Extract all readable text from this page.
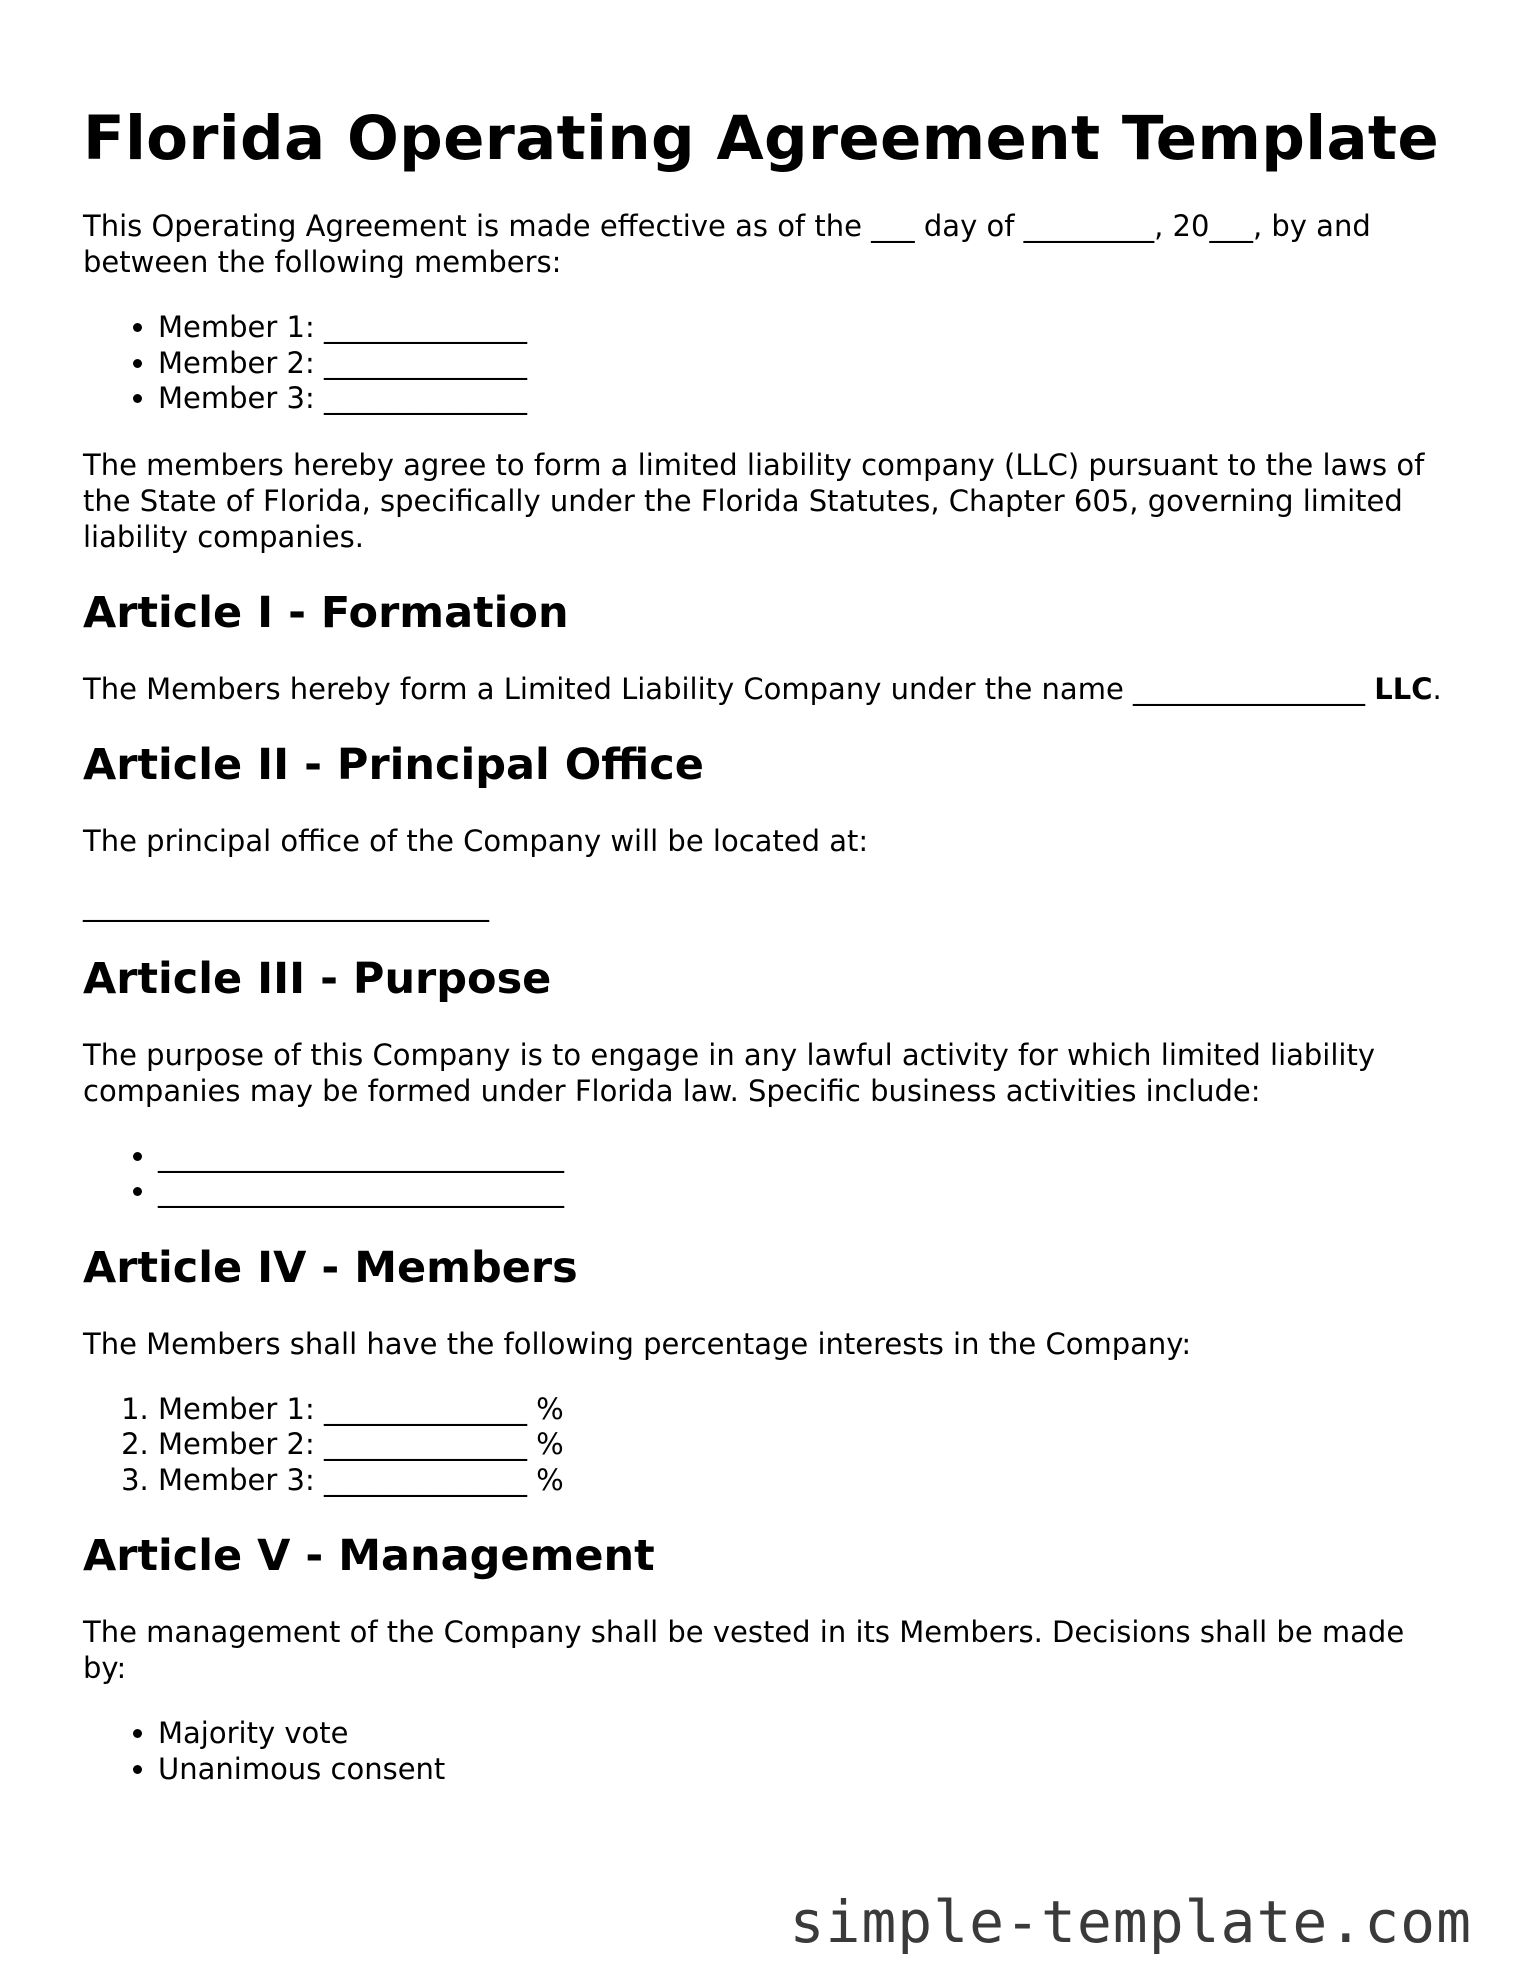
Florida Operating Agreement Template

This Operating Agreement is made effective as of the ___ day of _________, 20___, by and between the following members:

• Member 1: ______________
• Member 2: ______________
• Member 3: ______________

The members hereby agree to form a limited liability company (LLC) pursuant to the laws of the State of Florida, specifically under the Florida Statutes, Chapter 605, governing limited liability companies.

Article I - Formation

The Members hereby form a Limited Liability Company under the name ________________ LLC.

Article II - Principal Office

The principal office of the Company will be located at:

____________________________
Article III - Purpose

The purpose of this Company is to engage in any lawful activity for which limited liability companies may be formed under Florida law. Specific business activities include:

• ____________________________
• ____________________________
Article IV - Members

The Members shall have the following percentage interests in the Company:

1. Member 1: ______________ %
2. Member 2: ______________ %
3. Member 3: ______________ %
Article V - Management

The management of the Company shall be vested in its Members. Decisions shall be made by:

• Majority vote
• Unanimous consent
simple-template.com
